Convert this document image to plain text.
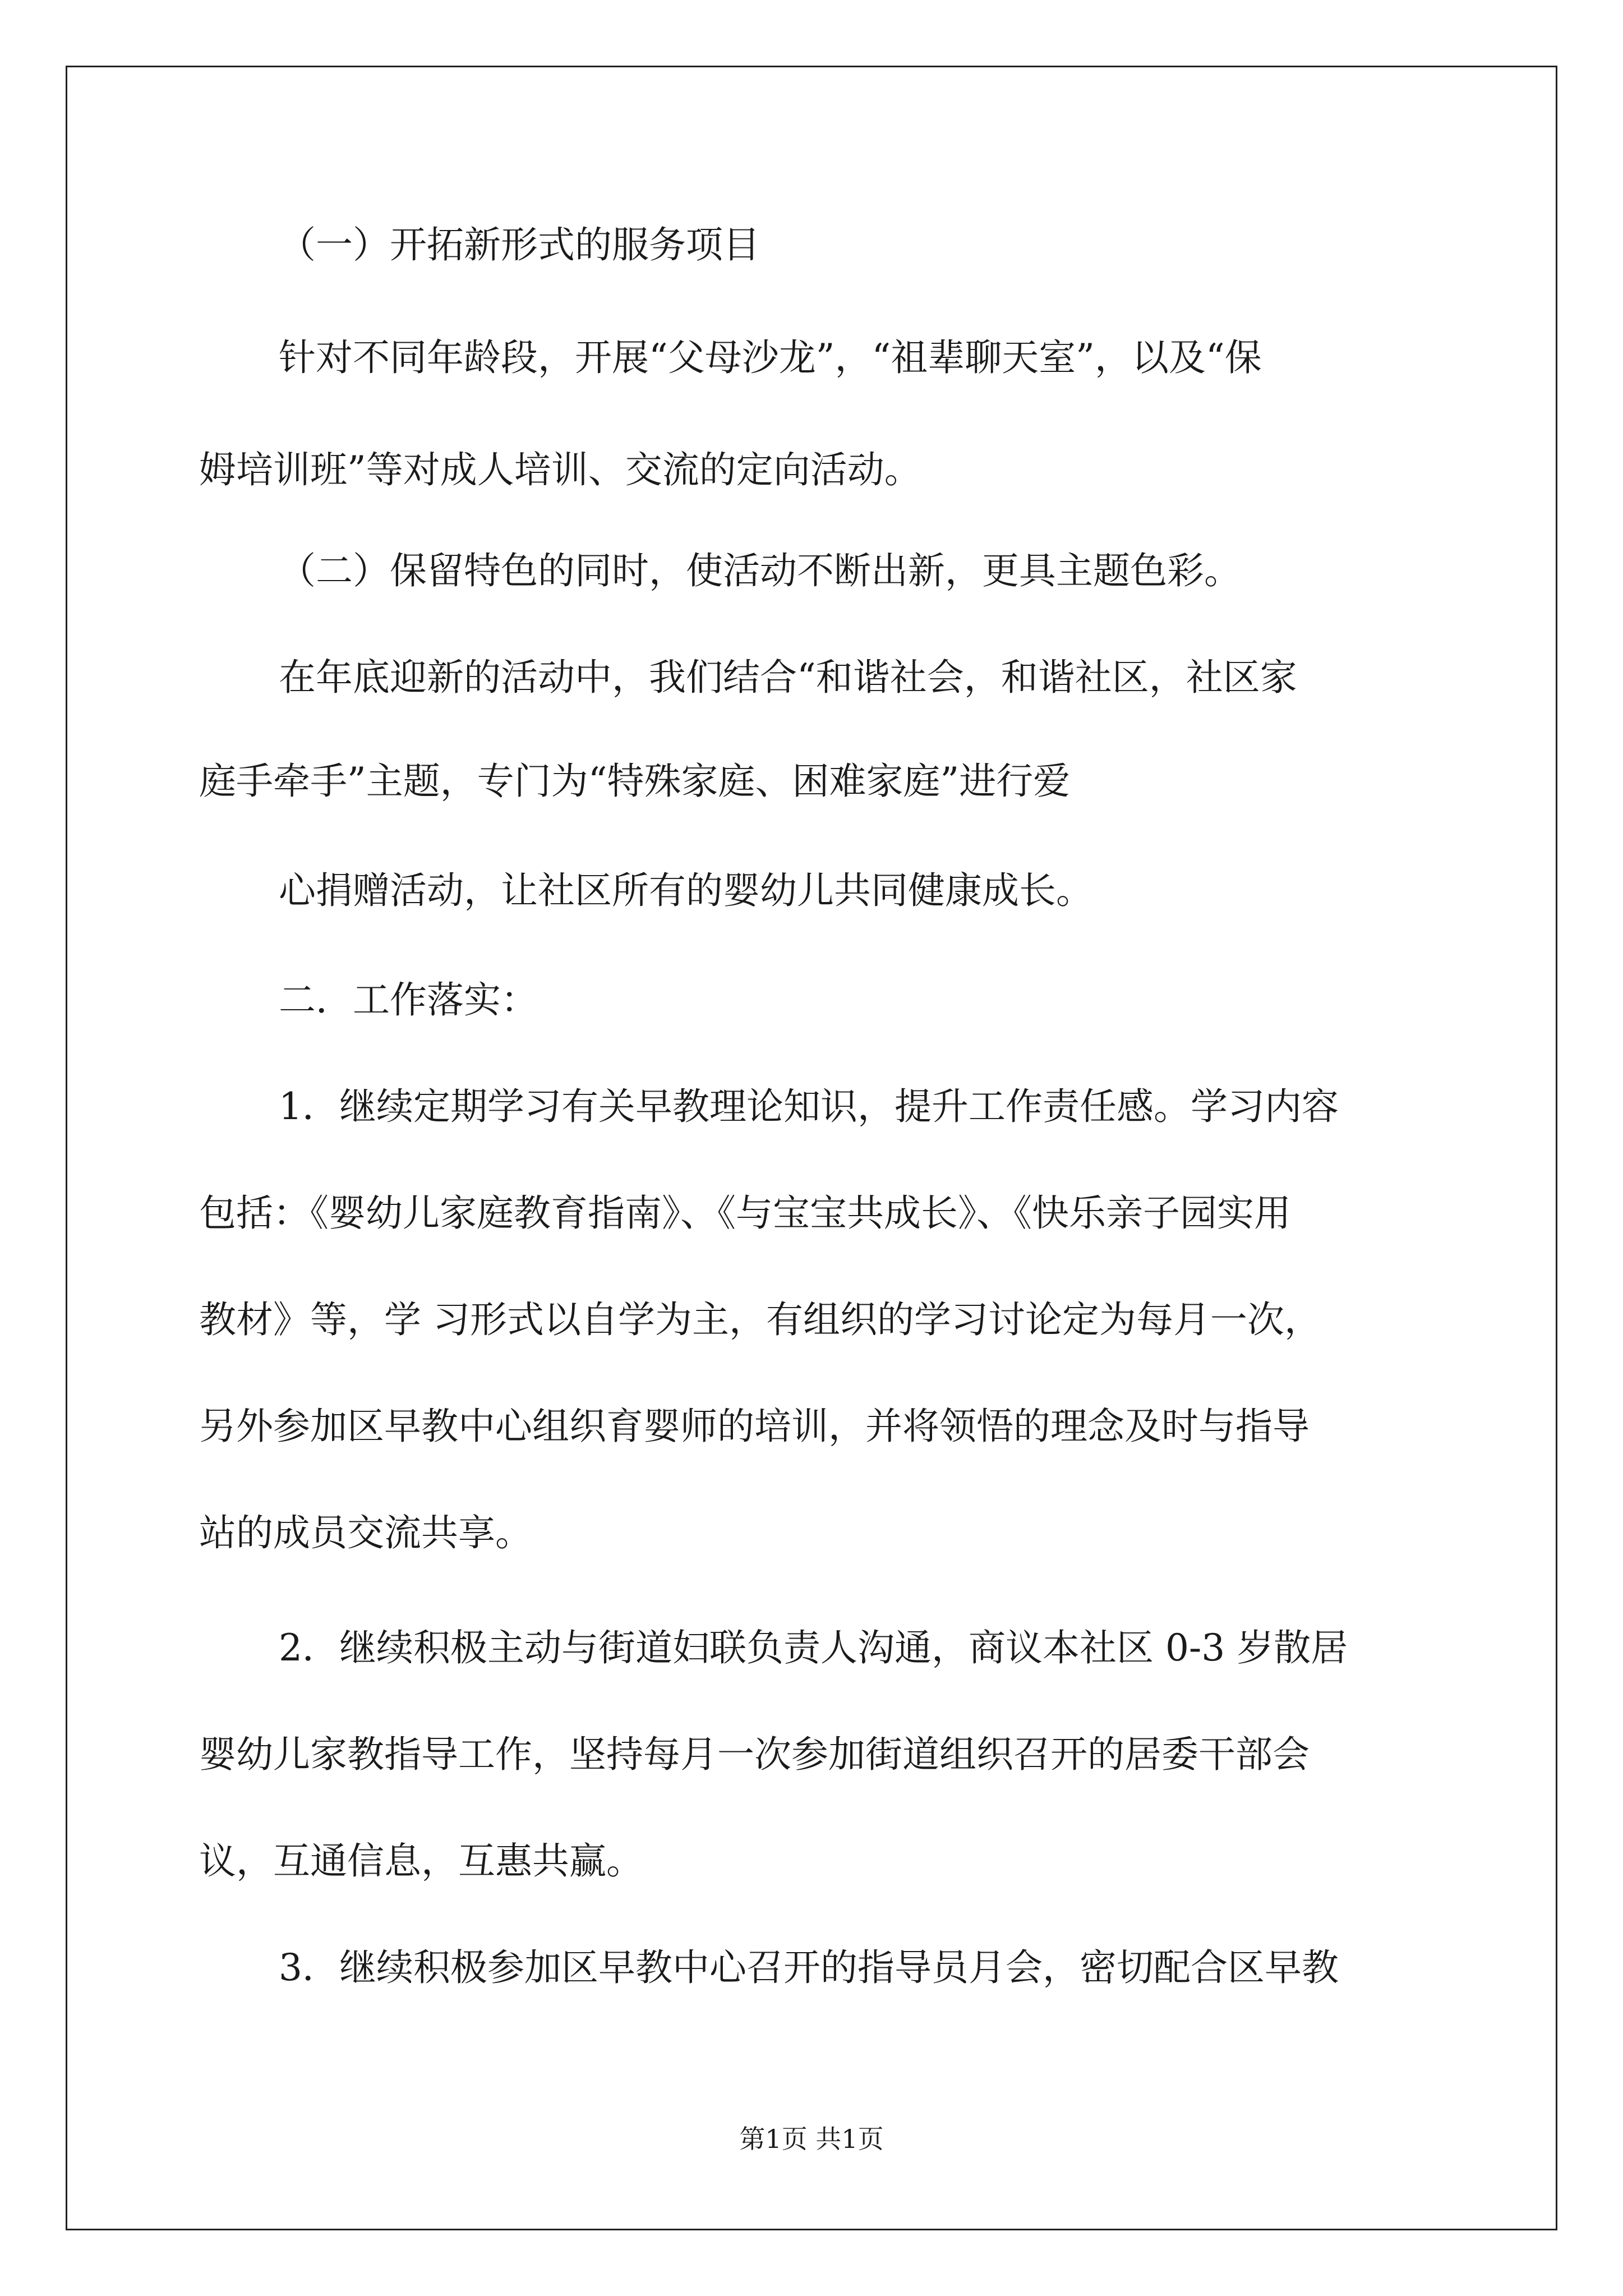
（一）开拓新形式的服务项目
针对不同年龄段，开展“父母沙龙”，“祖辈聊天室”，以及“保
姆培训班”等对成人培训、交流的定向活动。
（二）保留特色的同时，使活动不断出新，更具主题色彩。
在年底迎新的活动中，我们结合“和谐社会，和谐社区，社区家
庭手牵手”主题，专门为“特殊家庭、困难家庭”进行爱
心捐赠活动，让社区所有的婴幼儿共同健康成长。
二．工作落实：
1．继续定期学习有关早教理论知识，提升工作责任感。学习内容
包括：《婴幼儿家庭教育指南》、《与宝宝共成长》、《快乐亲子园实用
教材》等，学 习形式以自学为主，有组织的学习讨论定为每月一次，
另外参加区早教中心组织育婴师的培训，并将领悟的理念及时与指导
站的成员交流共享。
2．继续积极主动与街道妇联负责人沟通，商议本社区 0-3 岁散居
婴幼儿家教指导工作，坚持每月一次参加街道组织召开的居委干部会
议，互通信息，互惠共赢。
3．继续积极参加区早教中心召开的指导员月会，密切配合区早教
第1页 共1页
